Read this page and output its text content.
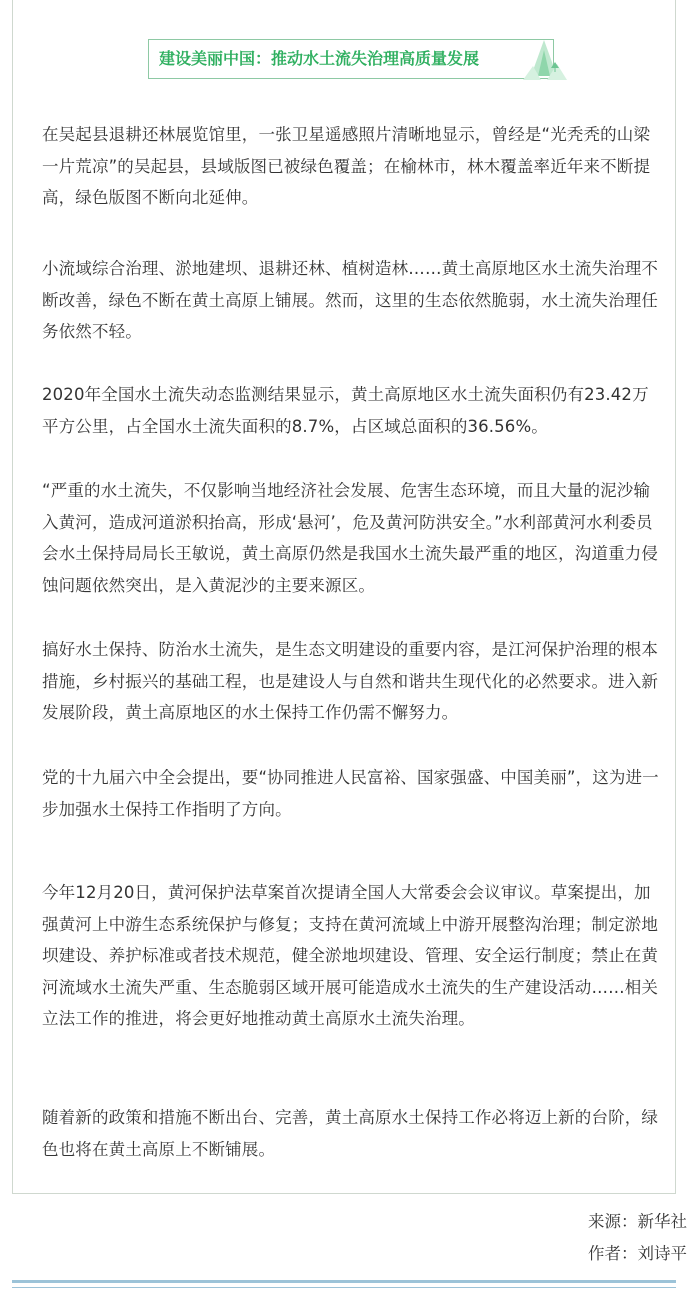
建设美丽中国：推动水土流失治理高质量发展

在吴起县退耕还林展览馆里，一张卫星遥感照片清晰地显示，曾经是“光秃秃的山梁一片荒凉”的吴起县，县域版图已被绿色覆盖；在榆林市，林木覆盖率近年来不断提高，绿色版图不断向北延伸。

小流域综合治理、淤地建坝、退耕还林、植树造林……黄土高原地区水土流失治理不断改善，绿色不断在黄土高原上铺展。然而，这里的生态依然脆弱，水土流失治理任务依然不轻。

2020年全国水土流失动态监测结果显示，黄土高原地区水土流失面积仍有23.42万平方公里，占全国水土流失面积的8.7%，占区域总面积的36.56%。

“严重的水土流失，不仅影响当地经济社会发展、危害生态环境，而且大量的泥沙输入黄河，造成河道淤积抬高，形成‘悬河’，危及黄河防洪安全。”水利部黄河水利委员会水土保持局局长王敏说，黄土高原仍然是我国水土流失最严重的地区，沟道重力侵蚀问题依然突出，是入黄泥沙的主要来源区。

搞好水土保持、防治水土流失，是生态文明建设的重要内容，是江河保护治理的根本措施，乡村振兴的基础工程，也是建设人与自然和谐共生现代化的必然要求。进入新发展阶段，黄土高原地区的水土保持工作仍需不懈努力。

党的十九届六中全会提出，要“协同推进人民富裕、国家强盛、中国美丽”，这为进一步加强水土保持工作指明了方向。

今年12月20日，黄河保护法草案首次提请全国人大常委会会议审议。草案提出，加强黄河上中游生态系统保护与修复；支持在黄河流域上中游开展整沟治理；制定淤地坝建设、养护标准或者技术规范，健全淤地坝建设、管理、安全运行制度；禁止在黄河流域水土流失严重、生态脆弱区域开展可能造成水土流失的生产建设活动……相关立法工作的推进，将会更好地推动黄土高原水土流失治理。

随着新的政策和措施不断出台、完善，黄土高原水土保持工作必将迈上新的台阶，绿色也将在黄土高原上不断铺展。

来源：新华社
作者：刘诗平
